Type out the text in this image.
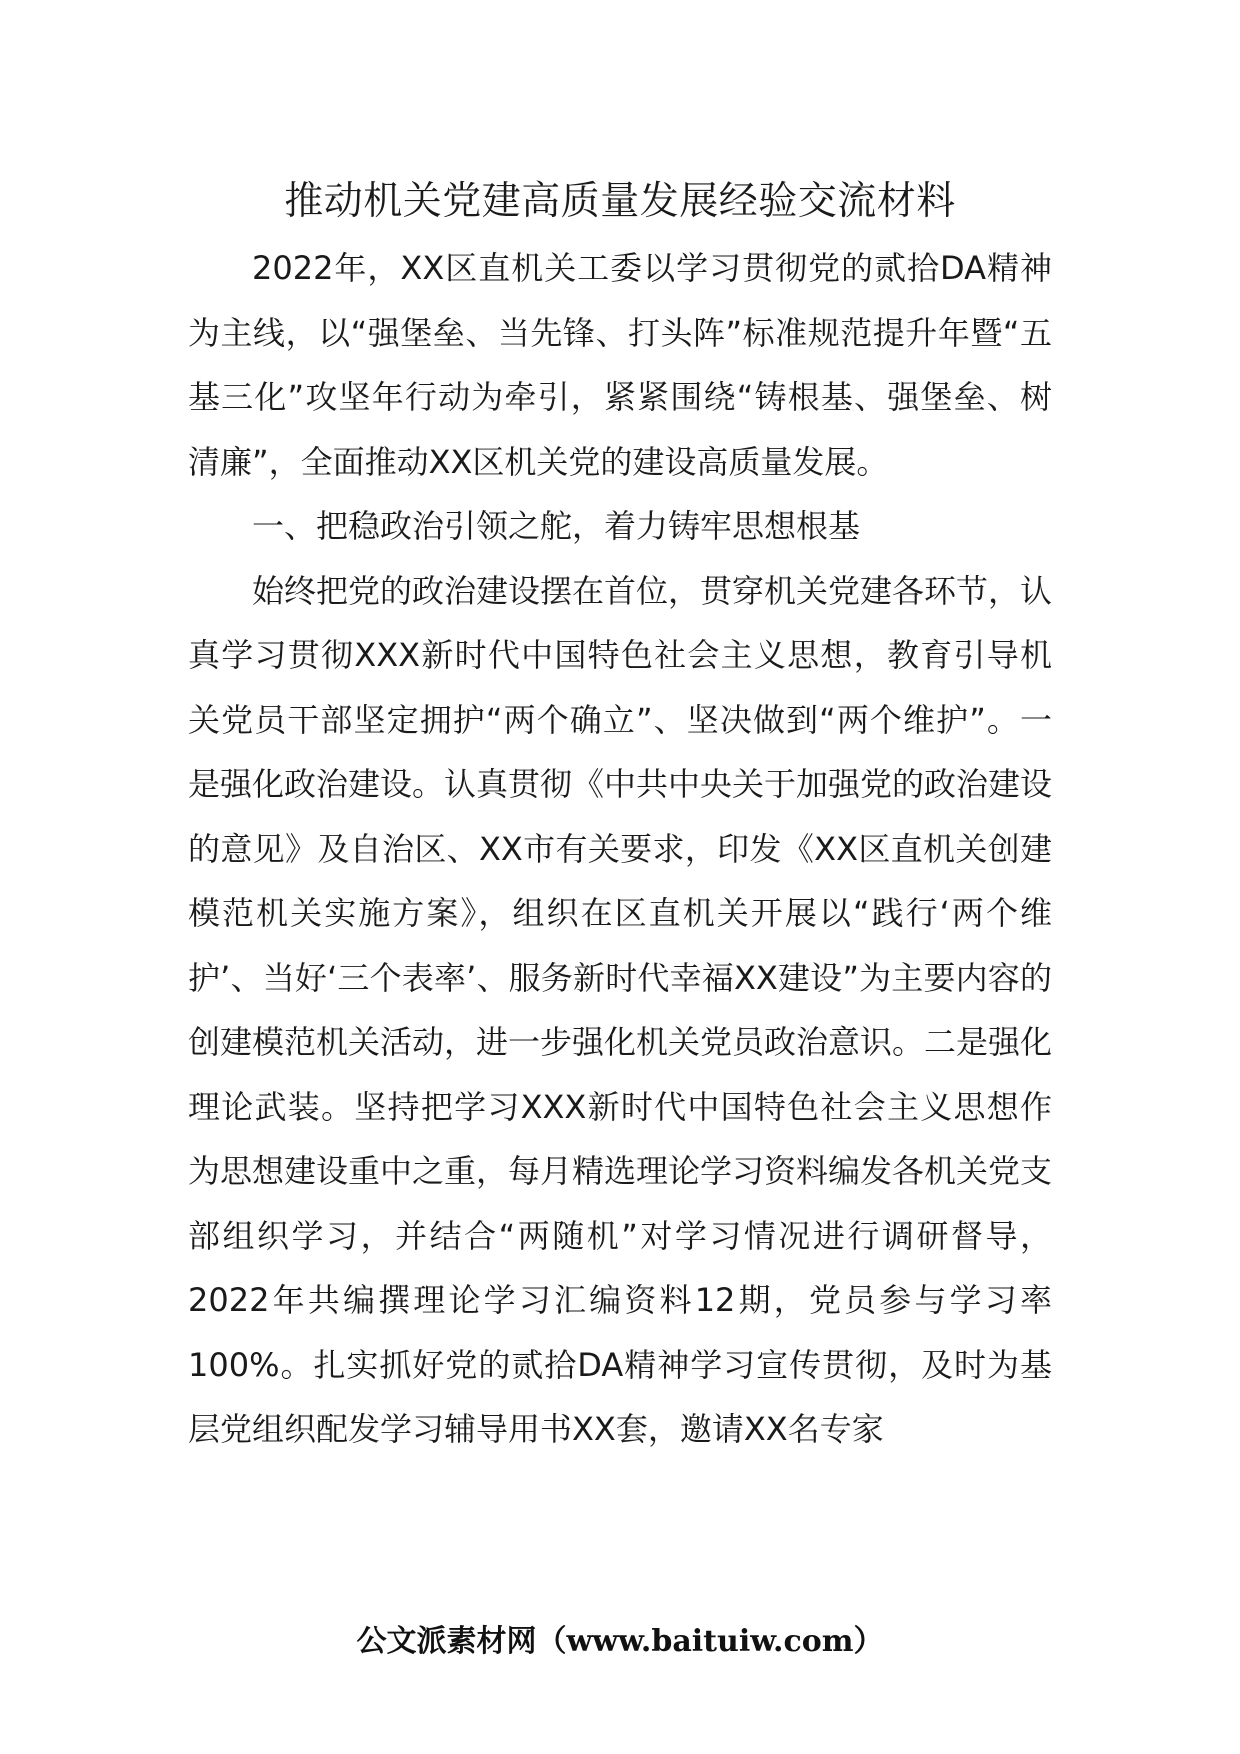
推动机关党建高质量发展经验交流材料

2022年，XX区直机关工委以学习贯彻党的贰拾DA精神为主线，以“强堡垒、当先锋、打头阵”标准规范提升年暨“五基三化”攻坚年行动为牵引，紧紧围绕“铸根基、强堡垒、树清廉”，全面推动XX区机关党的建设高质量发展。

一、把稳政治引领之舵，着力铸牢思想根基

始终把党的政治建设摆在首位，贯穿机关党建各环节，认真学习贯彻XXX新时代中国特色社会主义思想，教育引导机关党员干部坚定拥护“两个确立”、坚决做到“两个维护”。一是强化政治建设。认真贯彻《中共中央关于加强党的政治建设的意见》及自治区、XX市有关要求，印发《XX区直机关创建模范机关实施方案》，组织在区直机关开展以“践行‘两个维护’、当好‘三个表率’、服务新时代幸福XX建设”为主要内容的创建模范机关活动，进一步强化机关党员政治意识。二是强化理论武装。坚持把学习XXX新时代中国特色社会主义思想作为思想建设重中之重，每月精选理论学习资料编发各机关党支部组织学习，并结合“两随机”对学习情况进行调研督导，2022年共编撰理论学习汇编资料12期，党员参与学习率100%。扎实抓好党的贰拾DA精神学习宣传贯彻，及时为基层党组织配发学习辅导用书XX套，邀请XX名专家

公文派素材网（www.baituiw.com）
